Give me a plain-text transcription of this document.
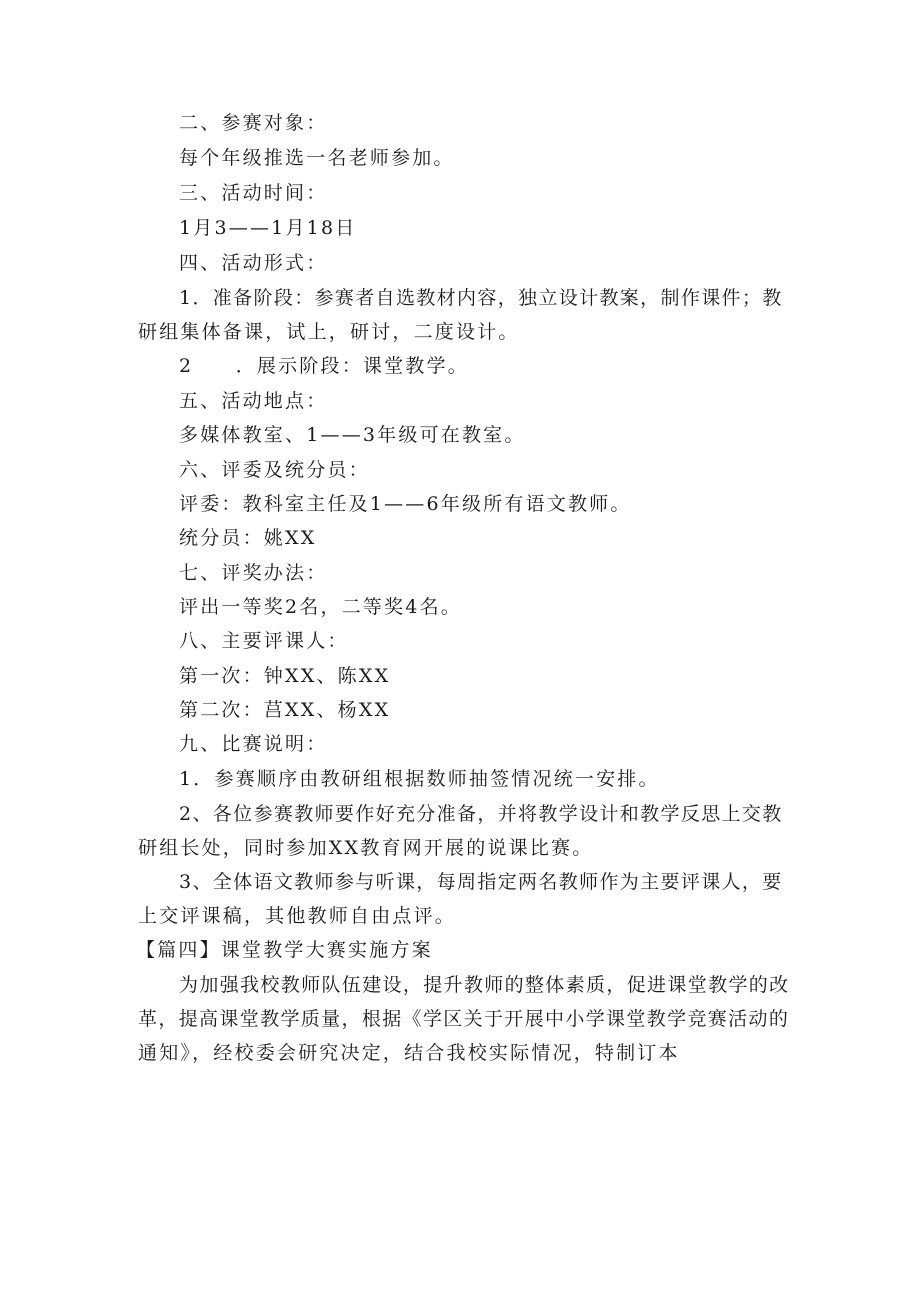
二、参赛对象：
每个年级推选一名老师参加。
三、活动时间：
1月3——1月18日
四、活动形式：
1．准备阶段：参赛者自选教材内容，独立设计教案，制作课件；教
研组集体备课，试上，研讨，二度设计。
2　　．展示阶段：课堂教学。
五、活动地点：
多媒体教室、1——3年级可在教室。
六、评委及统分员：
评委：教科室主任及1——6年级所有语文教师。
统分员：姚XX
七、评奖办法：
评出一等奖2名，二等奖4名。
八、主要评课人：
第一次：钟XX、陈XX
第二次：莒XX、杨XX
九、比赛说明：
1．参赛顺序由教研组根据数师抽签情况统一安排。
2、各位参赛教师要作好充分准备，并将教学设计和教学反思上交教
研组长处，同时参加XX教育网开展的说课比赛。
3、全体语文教师参与听课，每周指定两名教师作为主要评课人，要
上交评课稿，其他教师自由点评。
【篇四】课堂教学大赛实施方案
为加强我校教师队伍建设，提升教师的整体素质，促进课堂教学的改
革，提高课堂教学质量，根据《学区关于开展中小学课堂教学竞赛活动的
通知》，经校委会研究决定，结合我校实际情况，特制订本
